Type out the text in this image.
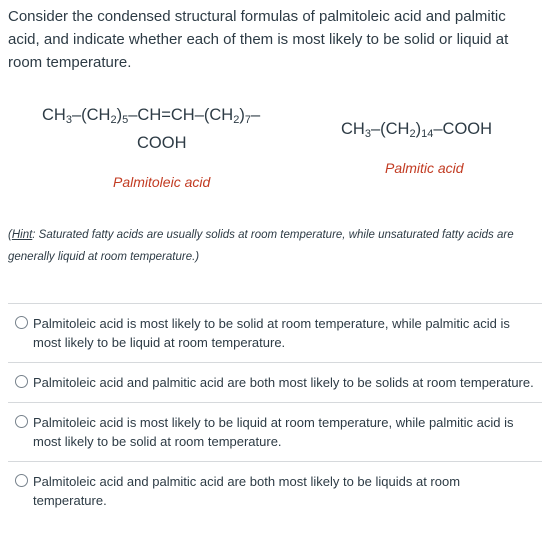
Consider the condensed structural formulas of palmitoleic acid and palmitic acid, and indicate whether each of them is most likely to be solid or liquid at room temperature.
$CH_3-(CH_2)_5-CH=CH-(CH_2)_7-$
COOH
Palmitoleic acid
$CH_3-(CH_2)_{14}$–COOH
Palmitic acid
(Hint: Saturated fatty acids are usually solids at room temperature, while unsaturated fatty acids are generally liquid at room temperature.)
Palmitoleic acid is most likely to be solid at room temperature, while palmitic acid is most likely to be liquid at room temperature.
Palmitoleic acid and palmitic acid are both most likely to be solids at room temperature.
Palmitoleic acid is most likely to be liquid at room temperature, while palmitic acid is most likely to be solid at room temperature.
Palmitoleic acid and palmitic acid are both most likely to be liquids at room temperature.
